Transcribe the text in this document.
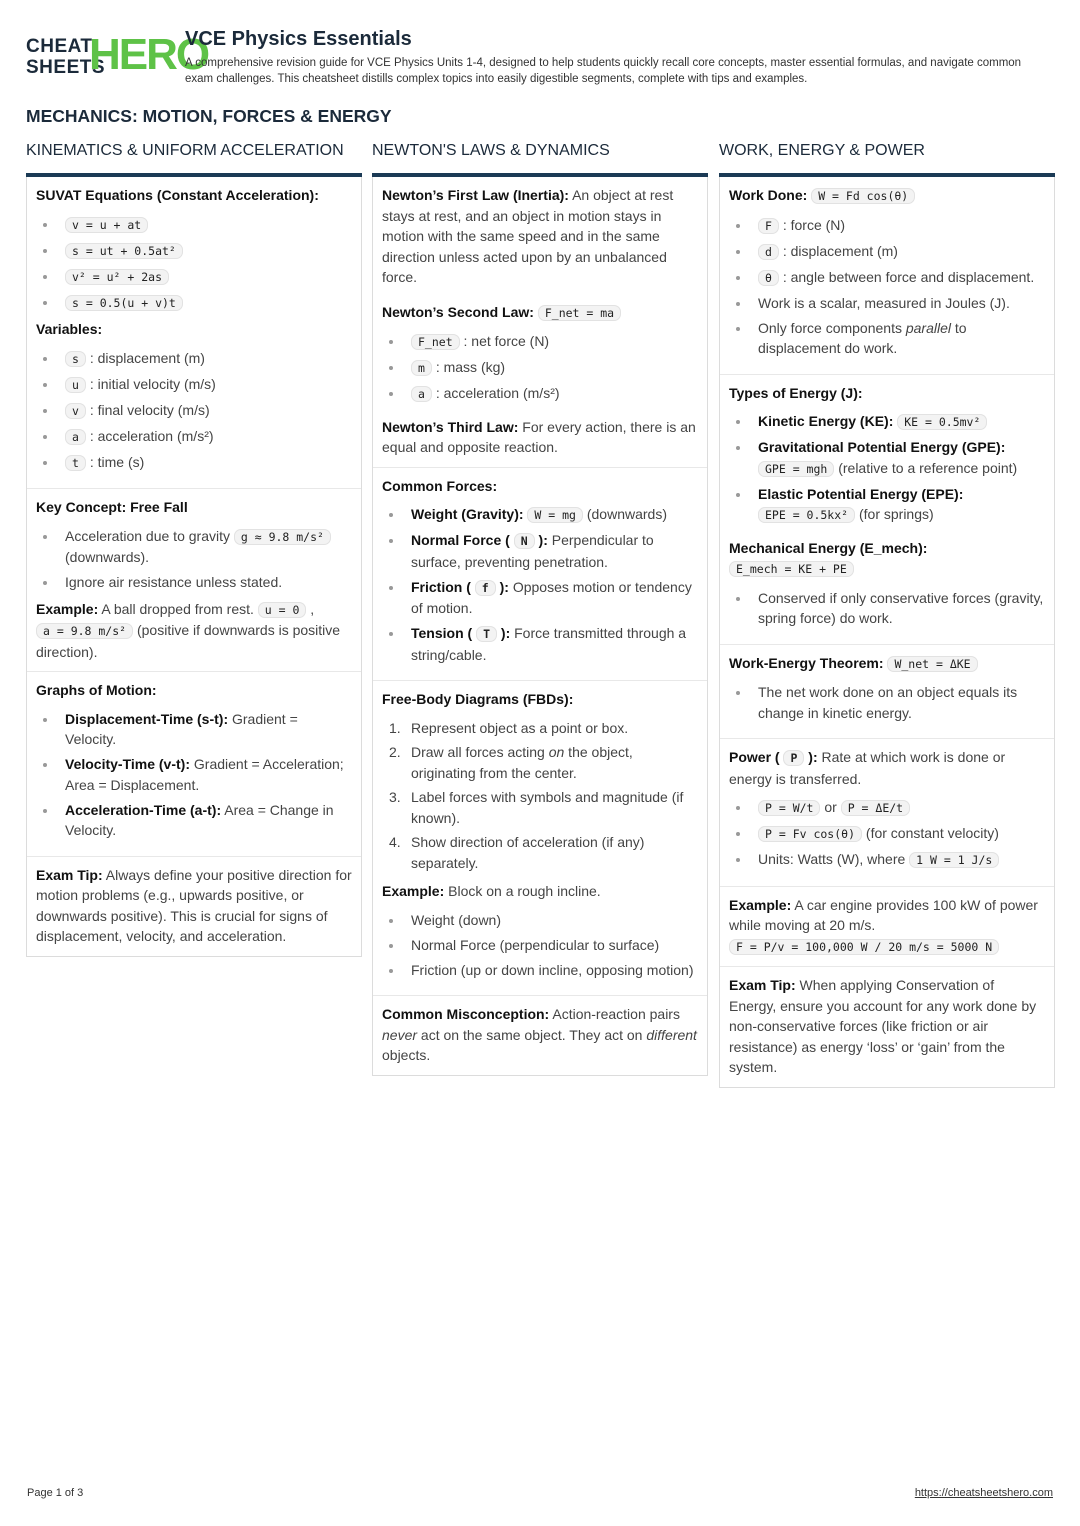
CHEAT
SHEETS
HERO
VCE Physics Essentials
A comprehensive revision guide for VCE Physics Units 1-4, designed to help students quickly recall core concepts, master essential formulas, and navigate common exam challenges. This cheatsheet distills complex topics into easily digestible segments, complete with tips and examples.
MECHANICS: MOTION, FORCES & ENERGY
KINEMATICS & UNIFORM ACCELERATION

SUVAT Equations (Constant Acceleration):

v = u + at
s = ut + 0.5at²
v² = u² + 2as
s = 0.5(u + v)t

Variables:

s : displacement (m)
u : initial velocity (m/s)
v : final velocity (m/s)
a : acceleration (m/s²)
t : time (s)

Key Concept: Free Fall

Acceleration due to gravity g ≈ 9.8 m/s² (downwards).
Ignore air resistance unless stated.

Example: A ball dropped from rest. u = 0 , a = 9.8 m/s² (positive if downwards is positive direction).

Graphs of Motion:

Displacement-Time (s-t): Gradient = Velocity.
Velocity-Time (v-t): Gradient = Acceleration; Area = Displacement.
Acceleration-Time (a-t): Area = Change in Velocity.

Exam Tip: Always define your positive direction for motion problems (e.g., upwards positive, or downwards positive). This is crucial for signs of displacement, velocity, and acceleration.

NEWTON'S LAWS & DYNAMICS

Newton’s First Law (Inertia): An object at rest stays at rest, and an object in motion stays in motion with the same speed and in the same direction unless acted upon by an unbalanced force.

Newton’s Second Law: F_net = ma

F_net : net force (N)
m : mass (kg)
a : acceleration (m/s²)

Newton’s Third Law: For every action, there is an equal and opposite reaction.

Common Forces:

Weight (Gravity): W = mg (downwards)
Normal Force ( N ): Perpendicular to surface, preventing penetration.
Friction ( f ): Opposes motion or tendency of motion.
Tension ( T ): Force transmitted through a string/cable.

Free-Body Diagrams (FBDs):

1. Represent object as a point or box.
2. Draw all forces acting on the object, originating from the center.
3. Label forces with symbols and magnitude (if known).
4. Show direction of acceleration (if any) separately.

Example: Block on a rough incline.

Weight (down)
Normal Force (perpendicular to surface)
Friction (up or down incline, opposing motion)

Common Misconception: Action-reaction pairs never act on the same object. They act on different objects.

WORK, ENERGY & POWER

Work Done: W = Fd cos(θ)

F : force (N)
d : displacement (m)
θ : angle between force and displacement.
Work is a scalar, measured in Joules (J).
Only force components parallel to displacement do work.

Types of Energy (J):

Kinetic Energy (KE): KE = 0.5mv²
Gravitational Potential Energy (GPE): GPE = mgh (relative to a reference point)
Elastic Potential Energy (EPE): EPE = 0.5kx² (for springs)

Mechanical Energy (E_mech): E_mech = KE + PE

Conserved if only conservative forces (gravity, spring force) do work.

Work-Energy Theorem: W_net = ΔKE

The net work done on an object equals its change in kinetic energy.

Power ( P ): Rate at which work is done or energy is transferred.

P = W/t or P = ΔE/t
P = Fv cos(θ) (for constant velocity)
Units: Watts (W), where 1 W = 1 J/s

Example: A car engine provides 100 kW of power while moving at 20 m/s. F = P/v = 100,000 W / 20 m/s = 5000 N

Exam Tip: When applying Conservation of Energy, ensure you account for any work done by non-conservative forces (like friction or air resistance) as energy ‘loss’ or ‘gain’ from the system.

Page 1 of 3	https://cheatsheetshero.com
